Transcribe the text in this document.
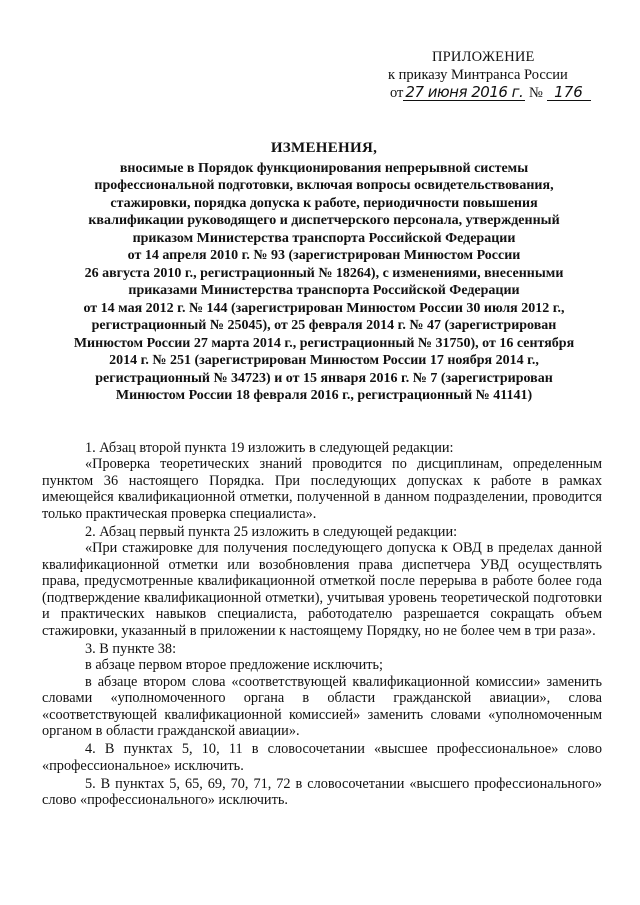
ПРИЛОЖЕНИЕ
к приказу Минтранса России
от 27 июня 2016 г. № 176
ИЗМЕНЕНИЯ,
вносимые в Порядок функционирования непрерывной системы
профессиональной подготовки, включая вопросы освидетельствования,
стажировки, порядка допуска к работе, периодичности повышения
квалификации руководящего и диспетчерского персонала, утвержденный
приказом Министерства транспорта Российской Федерации
от 14 апреля 2010 г. № 93 (зарегистрирован Минюстом России
26 августа 2010 г., регистрационный № 18264), с изменениями, внесенными
приказами Министерства транспорта Российской Федерации
от 14 мая 2012 г. № 144 (зарегистрирован Минюстом России 30 июля 2012 г.,
регистрационный № 25045), от 25 февраля 2014 г. № 47 (зарегистрирован
Минюстом России 27 марта 2014 г., регистрационный № 31750), от 16 сентября
2014 г. № 251 (зарегистрирован Минюстом России 17 ноября 2014 г.,
регистрационный № 34723) и от 15 января 2016 г. № 7 (зарегистрирован
Минюстом России 18 февраля 2016 г., регистрационный № 41141)

1. Абзац второй пункта 19 изложить в следующей редакции:

«Проверка теоретических знаний проводится по дисциплинам, определенным пунктом 36 настоящего Порядка. При последующих допусках к работе в рамках имеющейся квалификационной отметки, полученной в данном подразделении, проводится только практическая проверка специалиста».

2. Абзац первый пункта 25 изложить в следующей редакции:

«При стажировке для получения последующего допуска к ОВД в пределах данной квалификационной отметки или возобновления права диспетчера УВД осуществлять права, предусмотренные квалификационной отметкой после перерыва в работе более года (подтверждение квалификационной отметки), учитывая уровень теоретической подготовки и практических навыков специалиста, работодателю разрешается сокращать объем стажировки, указанный в приложении к настоящему Порядку, но не более чем в три раза».

3. В пункте 38:

в абзаце первом второе предложение исключить;

в абзаце втором слова «соответствующей квалификационной комиссии» заменить словами «уполномоченного органа в области гражданской авиации», слова «соответствующей квалификационной комиссией» заменить словами «уполномоченным органом в области гражданской авиации».

4. В пунктах 5, 10, 11 в словосочетании «высшее профессиональное» слово «профессиональное» исключить.

5. В пунктах 5, 65, 69, 70, 71, 72 в словосочетании «высшего профессионального» слово «профессионального» исключить.
